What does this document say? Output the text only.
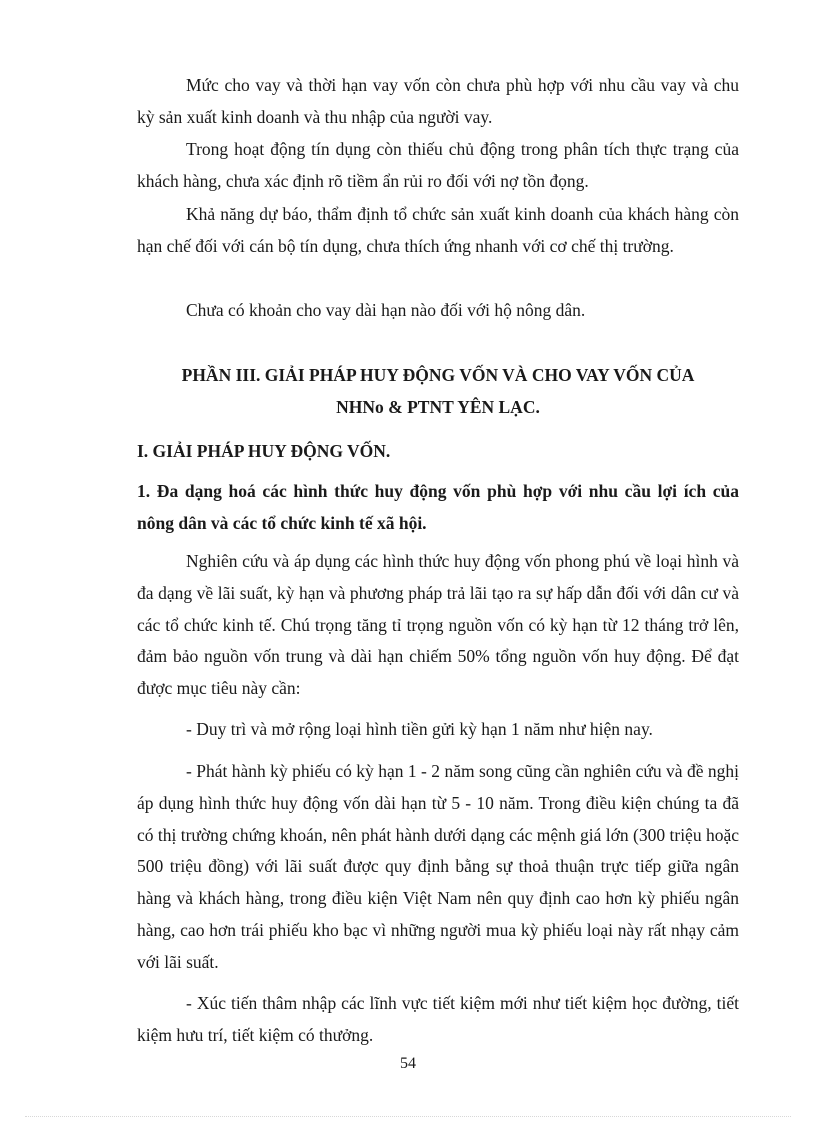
Mức cho vay và thời hạn vay vốn còn chưa phù hợp với nhu cầu vay và chu kỳ sản xuất kinh doanh và thu nhập của người vay.

Trong hoạt động tín dụng còn thiếu chủ động trong phân tích thực trạng của khách hàng, chưa xác định rõ tiềm ẩn rủi ro đối với nợ tồn đọng.

Khả năng dự báo, thẩm định tổ chức sản xuất kinh doanh của khách hàng còn hạn chế đối với cán bộ tín dụng, chưa thích ứng nhanh với cơ chế thị trường.

Chưa có khoản cho vay dài hạn nào đối với hộ nông dân.

PHẦN III. GIẢI PHÁP HUY ĐỘNG VỐN VÀ CHO VAY VỐN CỦA

NHNo & PTNT YÊN LẠC.

I. GIẢI PHÁP HUY ĐỘNG VỐN.

1. Đa dạng hoá các hình thức huy động vốn phù hợp với nhu cầu lợi ích của nông dân và các tổ chức kinh tế xã hội.

Nghiên cứu và áp dụng các hình thức huy động vốn phong phú về loại hình và đa dạng về lãi suất, kỳ hạn và phương pháp trả lãi tạo ra sự hấp dẫn đối với dân cư và các tổ chức kinh tế. Chú trọng tăng tỉ trọng nguồn vốn có kỳ hạn từ 12 tháng trở lên, đảm bảo nguồn vốn trung và dài hạn chiếm 50% tổng nguồn vốn huy động. Để đạt được mục tiêu này cần:

- Duy trì và mở rộng loại hình tiền gửi kỳ hạn 1 năm như hiện nay.

- Phát hành kỳ phiếu có kỳ hạn 1 - 2 năm song cũng cần nghiên cứu và đề nghị áp dụng hình thức huy động vốn dài hạn từ 5 - 10 năm. Trong điều kiện chúng ta đã có thị trường chứng khoán, nên phát hành dưới dạng các mệnh giá lớn (300 triệu hoặc 500 triệu đồng) với lãi suất được quy định bằng sự thoả thuận trực tiếp giữa ngân hàng và khách hàng, trong điều kiện Việt Nam nên quy định cao hơn kỳ phiếu ngân hàng, cao hơn trái phiếu kho bạc vì những người mua kỳ phiếu loại này rất nhạy cảm với lãi suất.

- Xúc tiến thâm nhập các lĩnh vực tiết kiệm mới như tiết kiệm học đường, tiết kiệm hưu trí, tiết kiệm có thưởng.

54
